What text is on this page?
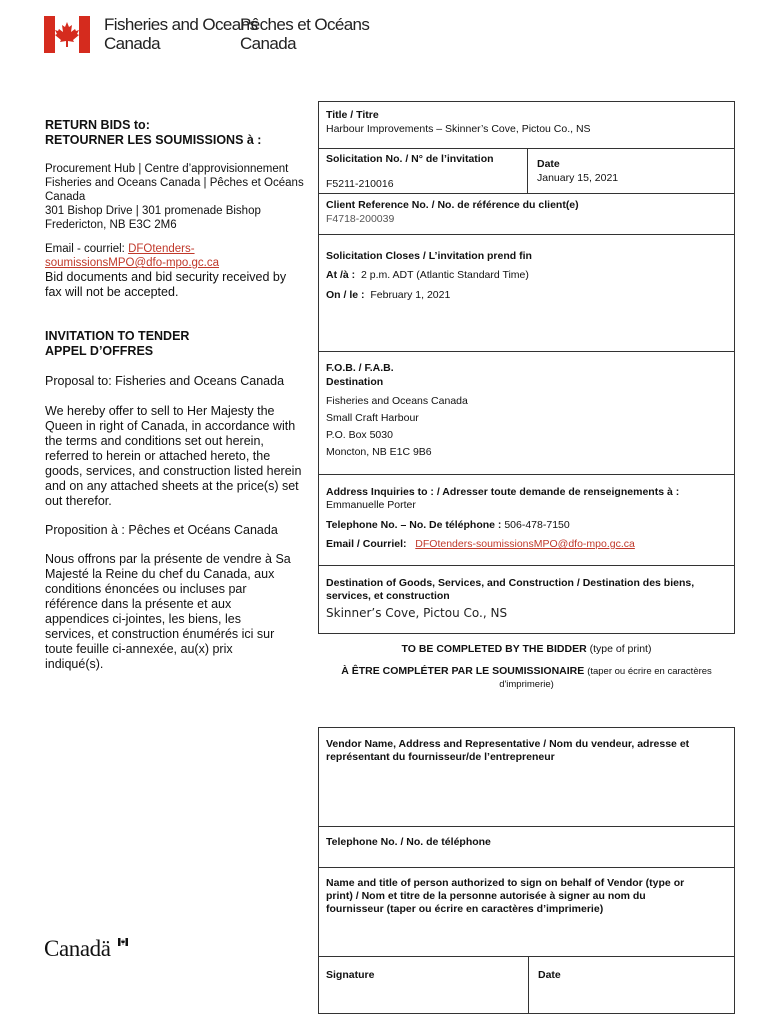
Fisheries and Oceans
Canada
Pêches et Océans
Canada
RETURN BIDS to:
RETOURNER LES SOUMISSIONS à :
Procurement Hub | Centre d’approvisionnement
Fisheries and Oceans Canada | Pêches et Océans
Canada
301 Bishop Drive | 301 promenade Bishop
Fredericton, NB E3C 2M6
Email - courriel: DFOtenders-
soumissionsMPO@dfo-mpo.gc.ca
Bid documents and bid security received by
fax will not be accepted.
INVITATION TO TENDER
APPEL D’OFFRES
Proposal to: Fisheries and Oceans Canada
We hereby offer to sell to Her Majesty the
Queen in right of Canada, in accordance with
the terms and conditions set out herein,
referred to herein or attached hereto, the
goods, services, and construction listed herein
and on any attached sheets at the price(s) set
out therefor.
Proposition à : Pêches et Océans Canada
Nous offrons par la présente de vendre à Sa
Majesté la Reine du chef du Canada, aux
conditions énoncées ou incluses par
référence dans la présente et aux
appendices ci-jointes, les biens, les
services, et construction énumérés ici sur
toute feuille ci-annexée, au(x) prix
indiqué(s).
Title / Titre
Harbour Improvements – Skinner’s Cove, Pictou Co., NS
Solicitation No. / N° de l’invitation
F5211-210016
Date
January 15, 2021
Client Reference No. / No. de référence du client(e)
F4718-200039
Solicitation Closes / L’invitation prend fin
At /à : 2 p.m. ADT (Atlantic Standard Time)
On / le : February 1, 2021
F.O.B. / F.A.B.
Destination
Fisheries and Oceans Canada
Small Craft Harbour
P.O. Box 5030
Moncton, NB E1C 9B6
Address Inquiries to : / Adresser toute demande de renseignements à :
Emmanuelle Porter
Telephone No. – No. De téléphone : 506-478-7150
Email / Courriel: DFOtenders-soumissionsMPO@dfo-mpo.gc.ca
Destination of Goods, Services, and Construction / Destination des biens,
services, et construction
Skinner’s Cove, Pictou Co., NS
TO BE COMPLETED BY THE BIDDER (type of print)
À ÊTRE COMPLÉTER PAR LE SOUMISSIONAIRE (taper ou écrire en caractères
d'imprimerie)
Vendor Name, Address and Representative / Nom du vendeur, adresse et
représentant du fournisseur/de l’entrepreneur
Telephone No. / No. de téléphone
Name and title of person authorized to sign on behalf of Vendor (type or
print) / Nom et titre de la personne autorisée à signer au nom du
fournisseur (taper ou écrire en caractères d’imprimerie)
Signature	Date
Canadä
